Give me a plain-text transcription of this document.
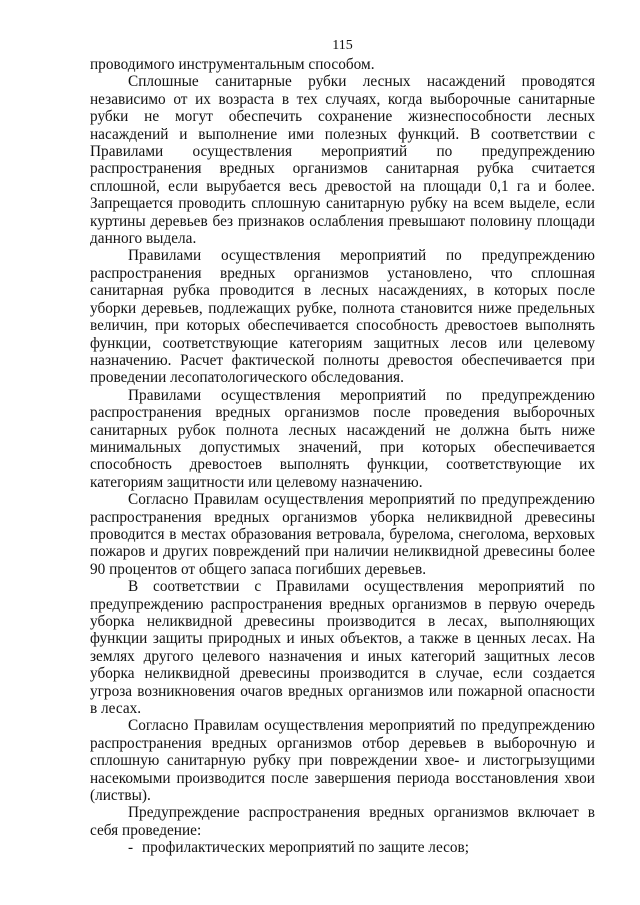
115

проводимого инструментальным способом.

Сплошные санитарные рубки лесных насаждений проводятся независимо от их возраста в тех случаях, когда выборочные санитарные рубки не могут обеспечить сохранение жизнеспособности лесных насаждений и выполнение ими полезных функций. В соответствии с Правилами осуществления мероприятий по предупреждению распространения вредных организмов санитарная рубка считается сплошной, если вырубается весь древостой на площади 0,1 га и более. Запрещается проводить сплошную санитарную рубку на всем выделе, если куртины деревьев без признаков ослабления превышают половину площади данного выдела.

Правилами осуществления мероприятий по предупреждению распространения вредных организмов установлено, что сплошная санитарная рубка проводится в лесных насаждениях, в которых после уборки деревьев, подлежащих рубке, полнота становится ниже предельных величин, при которых обеспечивается способность древостоев выполнять функции, соответствующие категориям защитных лесов или целевому назначению. Расчет фактической полноты древостоя обеспечивается при проведении лесопатологического обследования.

Правилами осуществления мероприятий по предупреждению распространения вредных организмов после проведения выборочных санитарных рубок полнота лесных насаждений не должна быть ниже минимальных допустимых значений, при которых обеспечивается способность древостоев выполнять функции, соответствующие их категориям защитности или целевому назначению.

Согласно Правилам осуществления мероприятий по предупреждению распространения вредных организмов уборка неликвидной древесины проводится в местах образования ветровала, бурелома, снеголома, верховых пожаров и других повреждений при наличии неликвидной древесины более 90 процентов от общего запаса погибших деревьев.

В соответствии с Правилами осуществления мероприятий по предупреждению распространения вредных организмов в первую очередь уборка неликвидной древесины производится в лесах, выполняющих функции защиты природных и иных объектов, а также в ценных лесах. На землях другого целевого назначения и иных категорий защитных лесов уборка неликвидной древесины производится в случае, если создается угроза возникновения очагов вредных организмов или пожарной опасности в лесах.

Согласно Правилам осуществления мероприятий по предупреждению распространения вредных организмов отбор деревьев в выборочную и сплошную санитарную рубку при повреждении хвое- и листогрызущими насекомыми производится после завершения периода восстановления хвои (листвы).

Предупреждение распространения вредных организмов включает в себя проведение:

- профилактических мероприятий по защите лесов;
